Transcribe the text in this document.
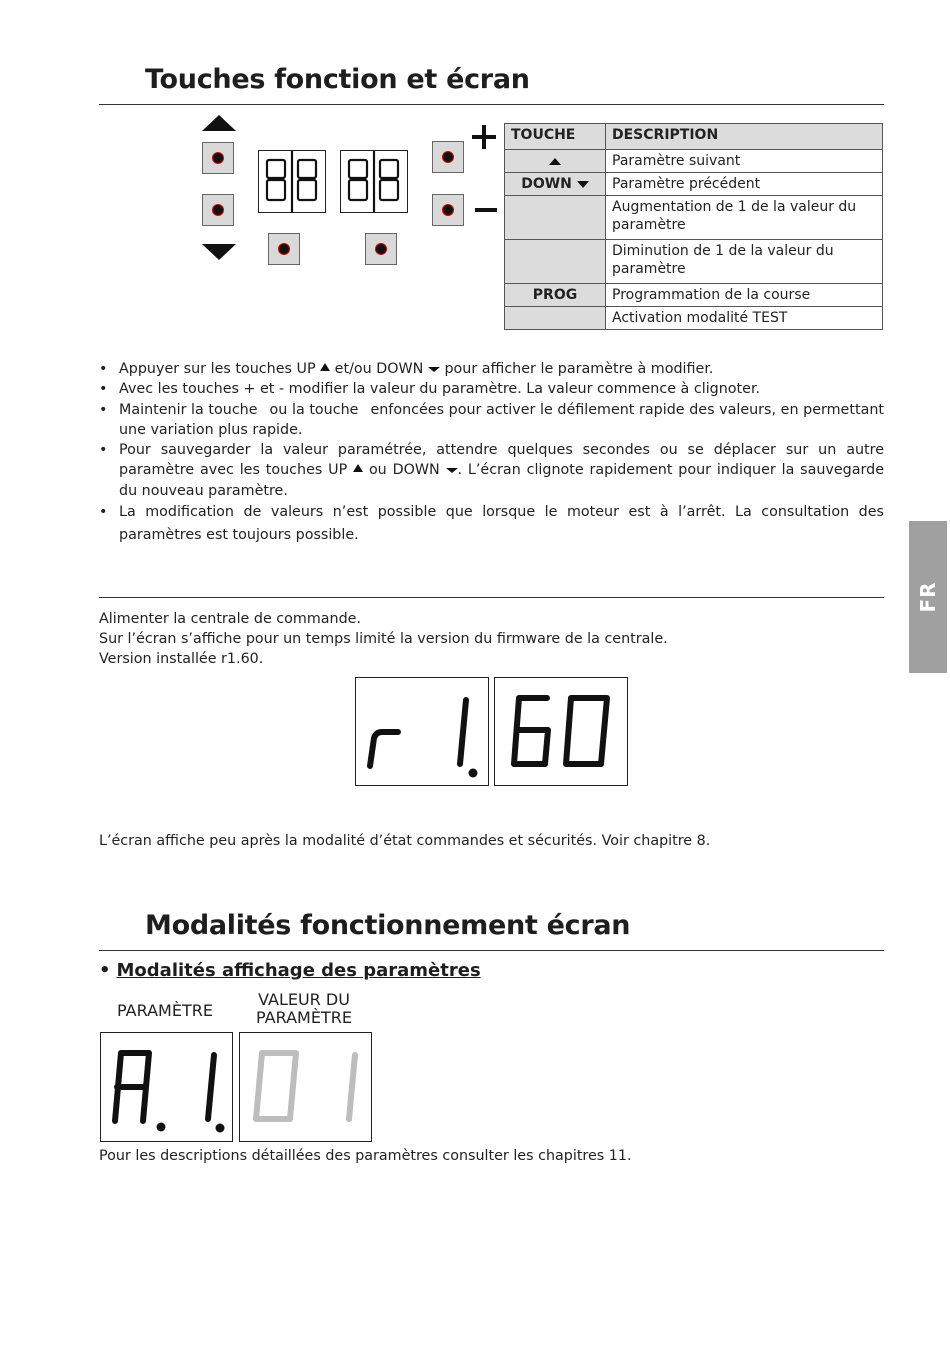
Touches fonction et écran
TOUCHE	DESCRIPTION
	Paramètre suivant
DOWN	Paramètre précédent
	Augmentation de 1 de la valeur du paramètre
	Diminution de 1 de la valeur du paramètre
PROG	Programmation de la course
	Activation modalité TEST
• Appuyer sur les touches UP et/ou DOWN pour afficher le paramètre à modifier.
• Avec les touches + et - modifier la valeur du paramètre. La valeur commence à clignoter.
• Maintenir la touche ou la touche enfoncées pour activer le défilement rapide des valeurs, en permettant une variation plus rapide.
• Pour sauvegarder la valeur paramétrée, attendre quelques secondes ou se déplacer sur un autre paramètre avec les touches UP ou DOWN . L’écran clignote rapidement pour indiquer la sauvegarde du nouveau paramètre.
• La modification de valeurs n’est possible que lorsque le moteur est à l’arrêt. La consultation des paramètres est toujours possible.
FR
Alimenter la centrale de commande.
Sur l’écran s’affiche pour un temps limité la version du firmware de la centrale.
Version installée r1.60.
L’écran affiche peu après la modalité d’état commandes et sécurités. Voir chapitre 8.
Modalités fonctionnement écran
• Modalités affichage des paramètres
PARAMÈTRE
VALEUR DU
PARAMÈTRE
Pour les descriptions détaillées des paramètres consulter les chapitres 11.
